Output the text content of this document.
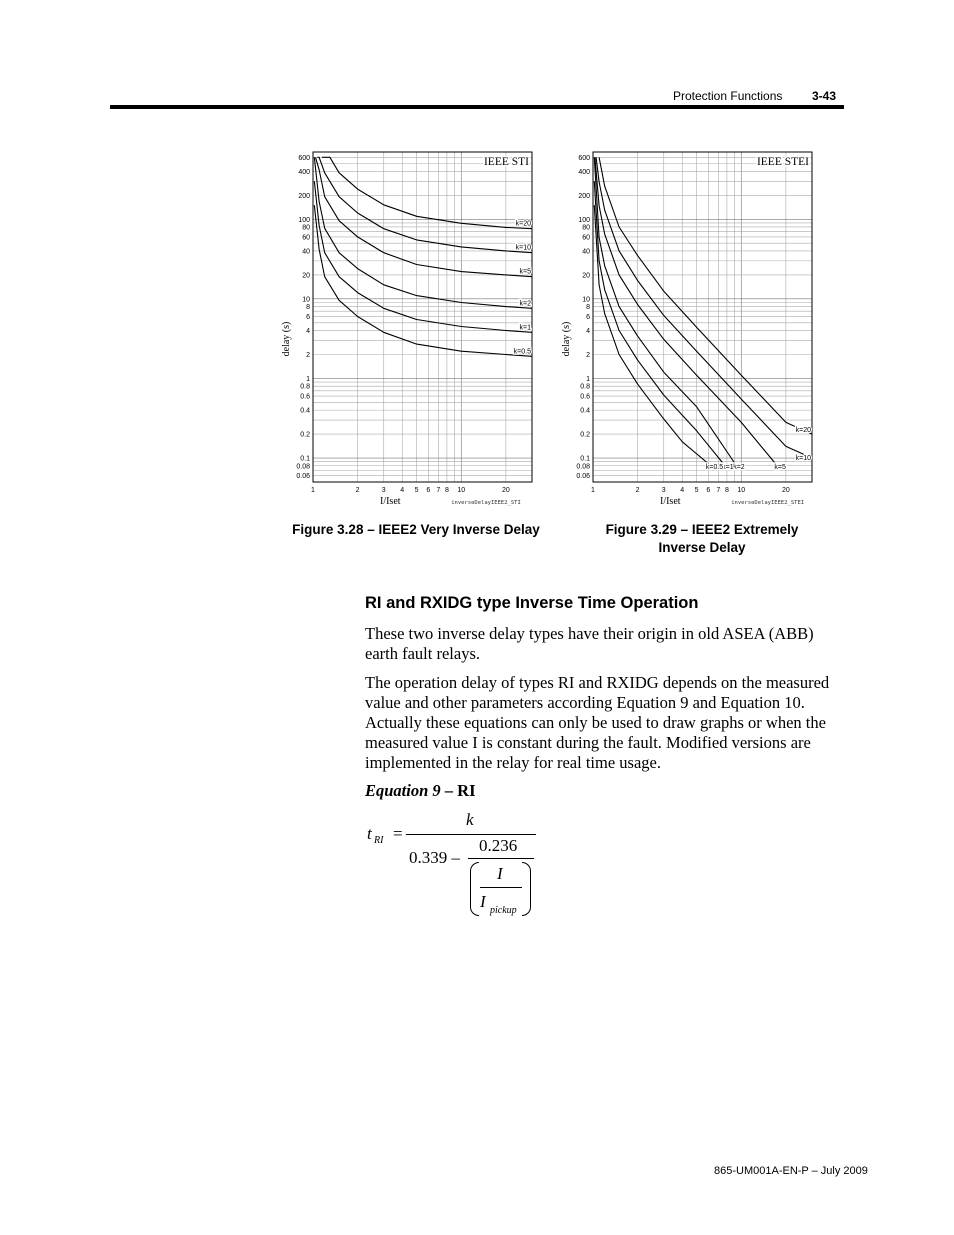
Protection Functions 3-43
600
400
200
100
80
60
40
20
10
8
6
4
2
1
0.8
0.6
0.4
0.2
0.1
0.08
0.06
1	2	3 4 5 6 7 8 10	20
k=20
k=10
k=5
k=2
k=1
k=0.5
IEEE STI
delay (s)
I/Iset	inverseDelayIEEE2_STI
600
400
200
100
80
60
40
20
10
8
6
4
2
1
0.8
0.6
0.4
0.2
0.1
0.08
0.06
1	2	3 4 5 6 7 8 10	20
k=20
k=10
k=5
k=2
k=1
k=0.5
IEEE STEI
delay (s)
I/Iset	inverseDelayIEEE2_STEI
Figure 3.28 – IEEE2 Very Inverse Delay	Figure 3.29 – IEEE2 Extremely
Inverse Delay
RI and RXIDG type Inverse Time Operation

These two inverse delay types have their origin in old ASEA (ABB) earth fault relays.

The operation delay of types RI and RXIDG depends on the measured value and other parameters according Equation 9 and Equation 10. Actually these equations can only be used to draw graphs or when the measured value I is constant during the fault. Modified versions are implemented in the relay for real time usage.

Equation 9 – RI
t RI =
k
0.339 –
0.236
I
I pickup
865-UM001A-EN-P – July 2009
